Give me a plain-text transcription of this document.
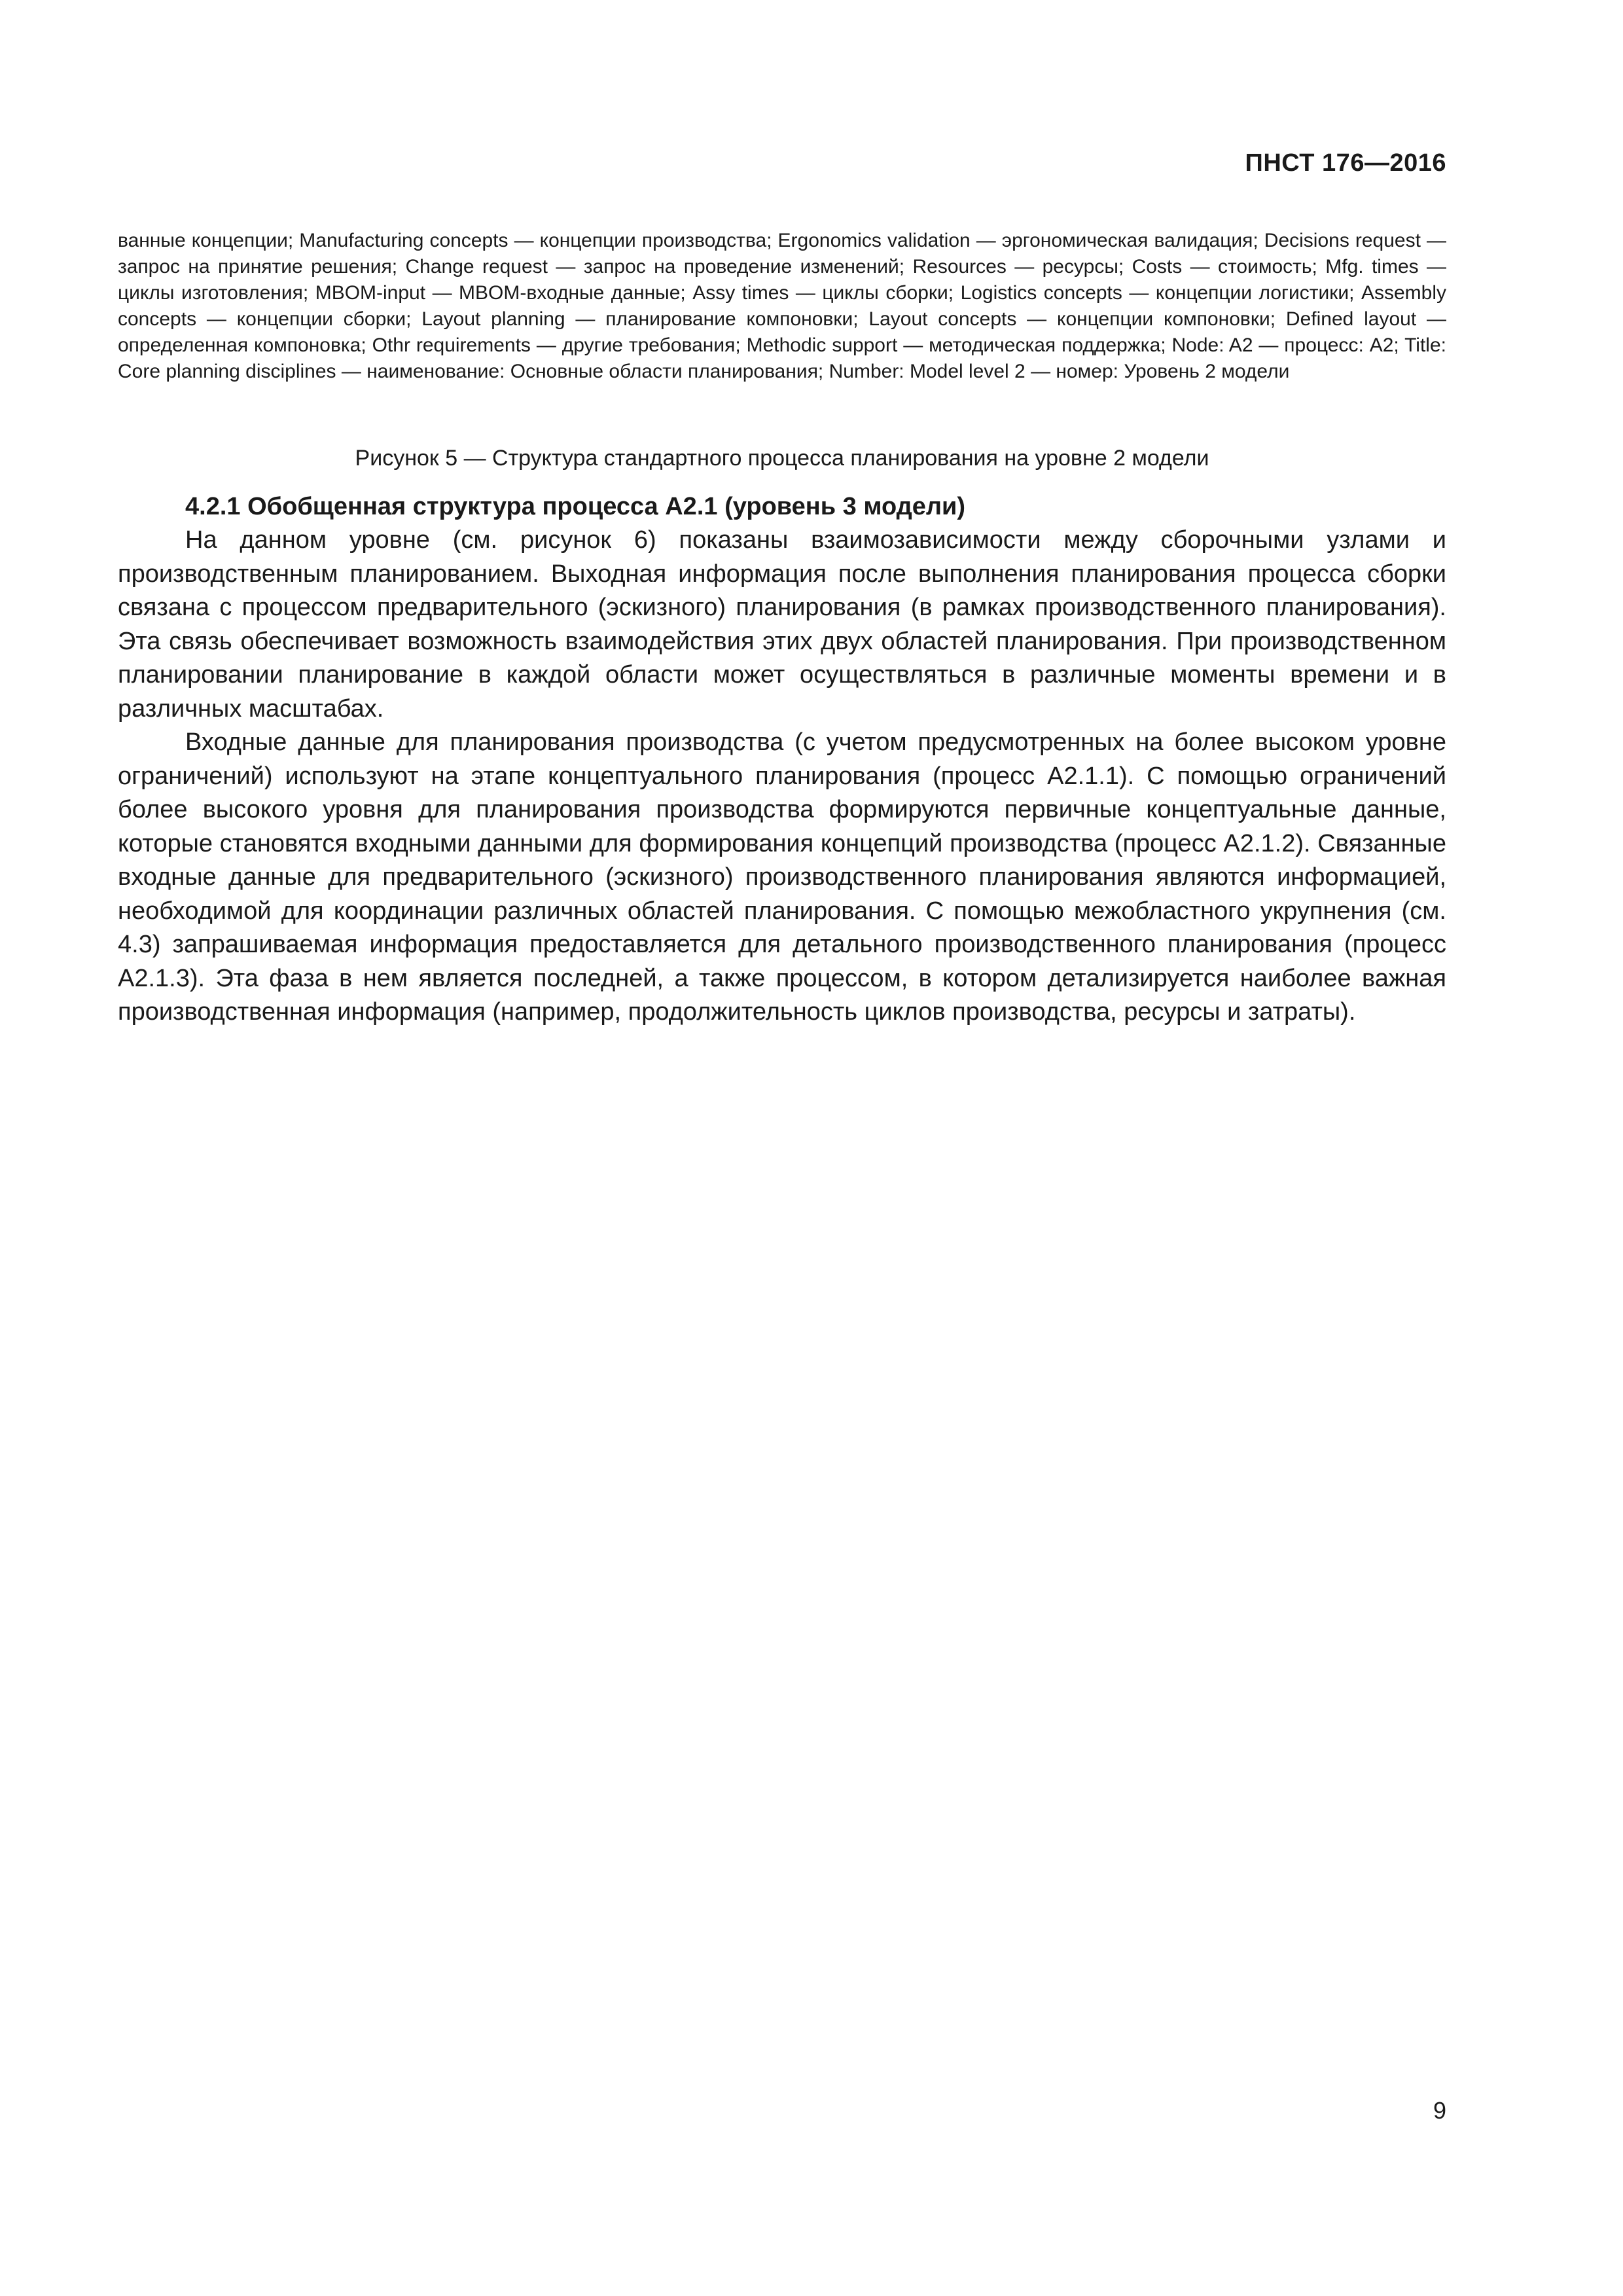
ПНСТ 176—2016
ванные концепции; Manufacturing concepts — концепции производства; Ergonomics validation — эргономическая валидация; Decisions request — запрос на принятие решения; Change request — запрос на проведение изменений; Resources — ресурсы; Costs — стоимость; Mfg. times — циклы изготовления; MBOM-input — MBOM-входные данные; Assy times — циклы сборки; Logistics concepts — концепции логистики; Assembly concepts — концепции сборки; Layout planning — планирование компоновки; Layout concepts — концепции компоновки; Defined layout — определенная компоновка; Othr requirements — другие требования; Methodic support — методическая поддержка; Node: A2 — процесс: A2; Title: Core planning disciplines — наименование: Основные области планирования; Number: Model level 2 — номер: Уровень 2 модели
Рисунок 5 — Структура стандартного процесса планирования на уровне 2 модели

4.2.1 Обобщенная структура процесса А2.1 (уровень 3 модели)

На данном уровне (см. рисунок 6) показаны взаимозависимости между сборочными узлами и производственным планированием. Выходная информация после выполнения планирования процесса сборки связана с процессом предварительного (эскизного) планирования (в рамках производственного планирования). Эта связь обеспечивает возможность взаимодействия этих двух областей планирования. При производственном планировании планирование в каждой области может осуществляться в различные моменты времени и в различных масштабах.

Входные данные для планирования производства (с учетом предусмотренных на более высоком уровне ограничений) используют на этапе концептуального планирования (процесс А2.1.1). С помощью ограничений более высокого уровня для планирования производства формируются первичные концептуальные данные, которые становятся входными данными для формирования концепций производства (процесс А2.1.2). Связанные входные данные для предварительного (эскизного) производственного планирования являются информацией, необходимой для координации различных областей планирования. С помощью межобластного укрупнения (см. 4.3) запрашиваемая информация предоставляется для детального производственного планирования (процесс А2.1.3). Эта фаза в нем является последней, а также процессом, в котором детализируется наиболее важная производственная информация (например, продолжительность циклов производства, ресурсы и затраты).

9
